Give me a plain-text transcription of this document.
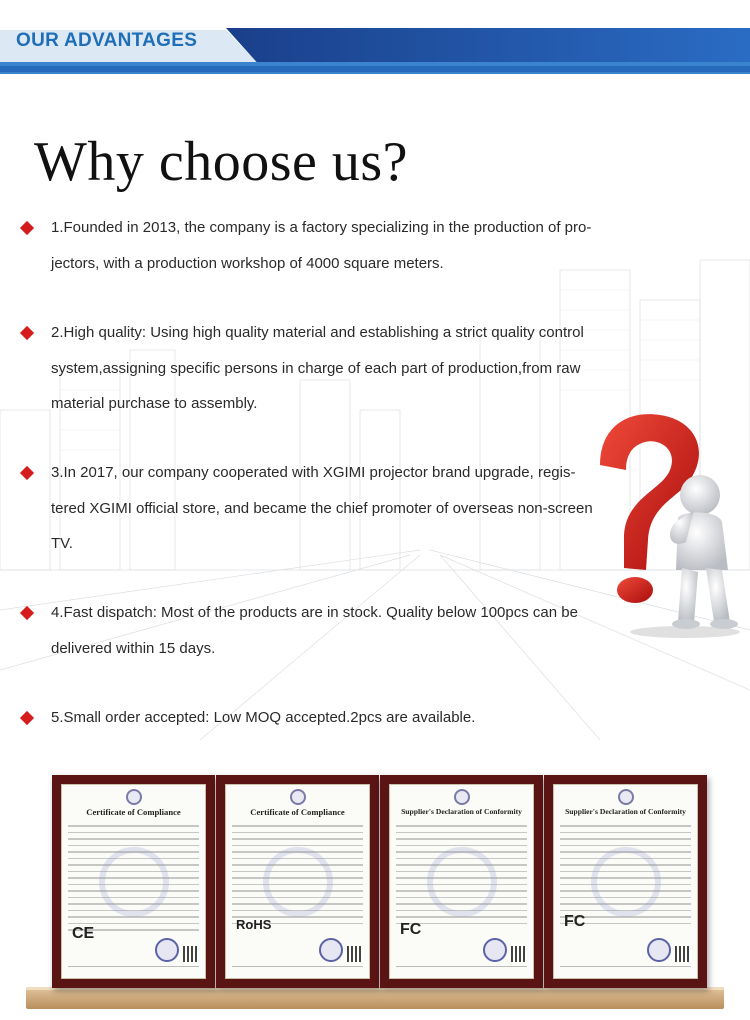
OUR ADVANTAGES
Why choose us?
1.Founded in 2013, the company is a factory specializing in the production of pro-
jectors, with a production workshop of 4000 square meters.
2.High quality: Using high quality material and establishing a strict quality control
system,assigning specific persons in charge of each part of production,from raw
material purchase to assembly.
3.In 2017, our company cooperated with XGIMI projector brand upgrade, regis-
tered XGIMI official store, and became the chief promoter of overseas non-screen
TV.
4.Fast dispatch: Most of the products are in stock. Quality below 100pcs can be
delivered within 15 days.
5.Small order accepted: Low MOQ accepted.2pcs are available.
Certificate of Compliance
CE
Certificate of Compliance
RoHS
Supplier's Declaration of Conformity
FC
Supplier's Declaration of Conformity
FC
